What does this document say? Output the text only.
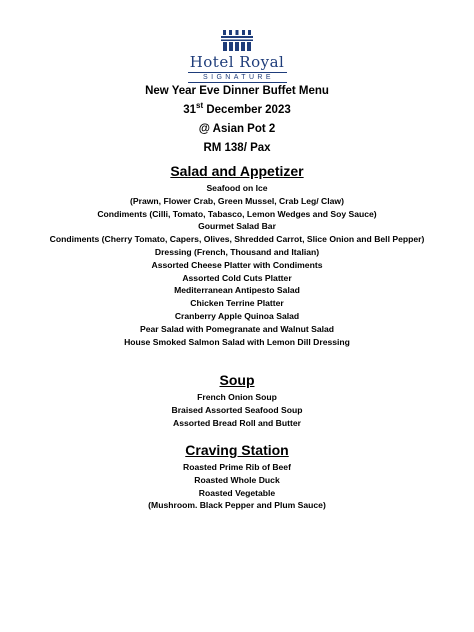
Hotel Royal
SIGNATURE

New Year Eve Dinner Buffet Menu

31st December 2023

@ Asian Pot 2

RM 138/ Pax

Salad and Appetizer
Seafood on Ice
(Prawn, Flower Crab, Green Mussel, Crab Leg/ Claw)
Condiments (Cilli, Tomato, Tabasco, Lemon Wedges and Soy Sauce)
Gourmet Salad Bar
Condiments (Cherry Tomato, Capers, Olives, Shredded Carrot, Slice Onion and Bell Pepper)
Dressing (French, Thousand and Italian)
Assorted Cheese Platter with Condiments
Assorted Cold Cuts Platter
Mediterranean Antipesto Salad
Chicken Terrine Platter
Cranberry Apple Quinoa Salad
Pear Salad with Pomegranate and Walnut Salad
House Smoked Salmon Salad with Lemon Dill Dressing
Soup
French Onion Soup
Braised Assorted Seafood Soup
Assorted Bread Roll and Butter
Craving Station
Roasted Prime Rib of Beef
Roasted Whole Duck
Roasted Vegetable
(Mushroom. Black Pepper and Plum Sauce)
